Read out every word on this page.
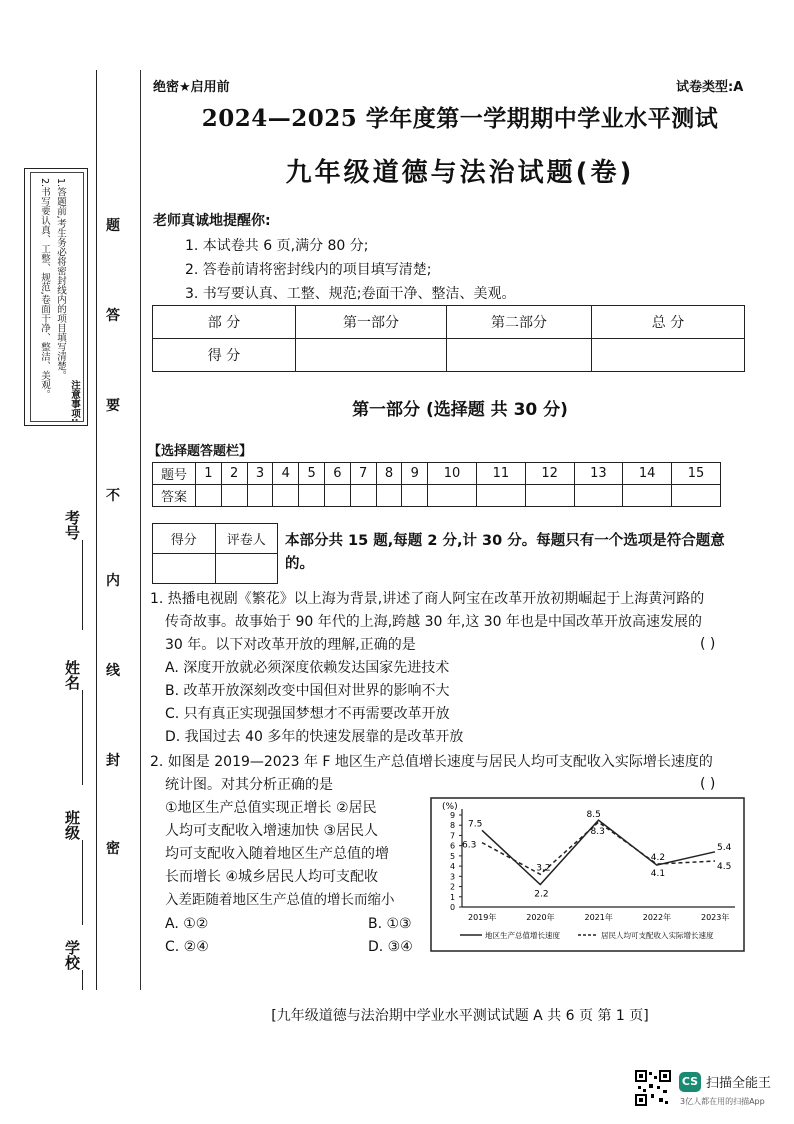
注意事项:
1.答题前,考生务必将密封线内的项目填写清楚。
2.书写要认真、工整、规范,卷面干净、整洁、美观。	题
答
要
不
内
线
封
密
考号
姓名
班级
学校
绝密★启用前	试卷类型:A
2024—2025 学年度第一学期期中学业水平测试
九年级道德与法治试题(卷)
老师真诚地提醒你:
1. 本试卷共 6 页,满分 80 分;
2. 答卷前请将密封线内的项目填写清楚;
3. 书写要认真、工整、规范;卷面干净、整洁、美观。
部 分	第一部分	第二部分	总 分
得 分			
第一部分 (选择题 共 30 分)
【选择题答题栏】
题号	1	2	3	4	5	6	7	8	9	10	11	12	13	14	15
答案															
得分	评卷人
	本部分共 15 题,每题 2 分,计 30 分。每题只有一个选项是符合题意的。
1. 热播电视剧《繁花》以上海为背景,讲述了商人阿宝在改革开放初期崛起于上海黄河路的
传奇故事。故事始于 90 年代的上海,跨越 30 年,这 30 年也是中国改革开放高速发展的
30 年。以下对改革开放的理解,正确的是	( )
A. 深度开放就必须深度依赖发达国家先进技术
B. 改革开放深刻改变中国但对世界的影响不大
C. 只有真正实现强国梦想才不再需要改革开放
D. 我国过去 40 多年的快速发展靠的是改革开放
2. 如图是 2019—2023 年 F 地区生产总值增长速度与居民人均可支配收入实际增长速度的
统计图。对其分析正确的是	( )
①地区生产总值实现正增长 ②居民
人均可支配收入增速加快 ③居民人
均可支配收入随着地区生产总值的增
长而增长 ④城乡居民人均可支配收
入差距随着地区生产总值的增长而缩小
A. ①②	B. ①③
C. ②④	D. ③④
(%)
0
1
2
3
4
5
6
7
8
9
2019年	2020年	2021年	2022年	2023年
7.5
6.3
3.2
2.2
8.5
8.3
4.2
4.1
5.4
4.5
地区生产总值增长速度	居民人均可支配收入实际增长速度
[九年级道德与法治期中学业水平测试试题 A 共 6 页 第 1 页]
CS 扫描全能王
3亿人都在用的扫描App
